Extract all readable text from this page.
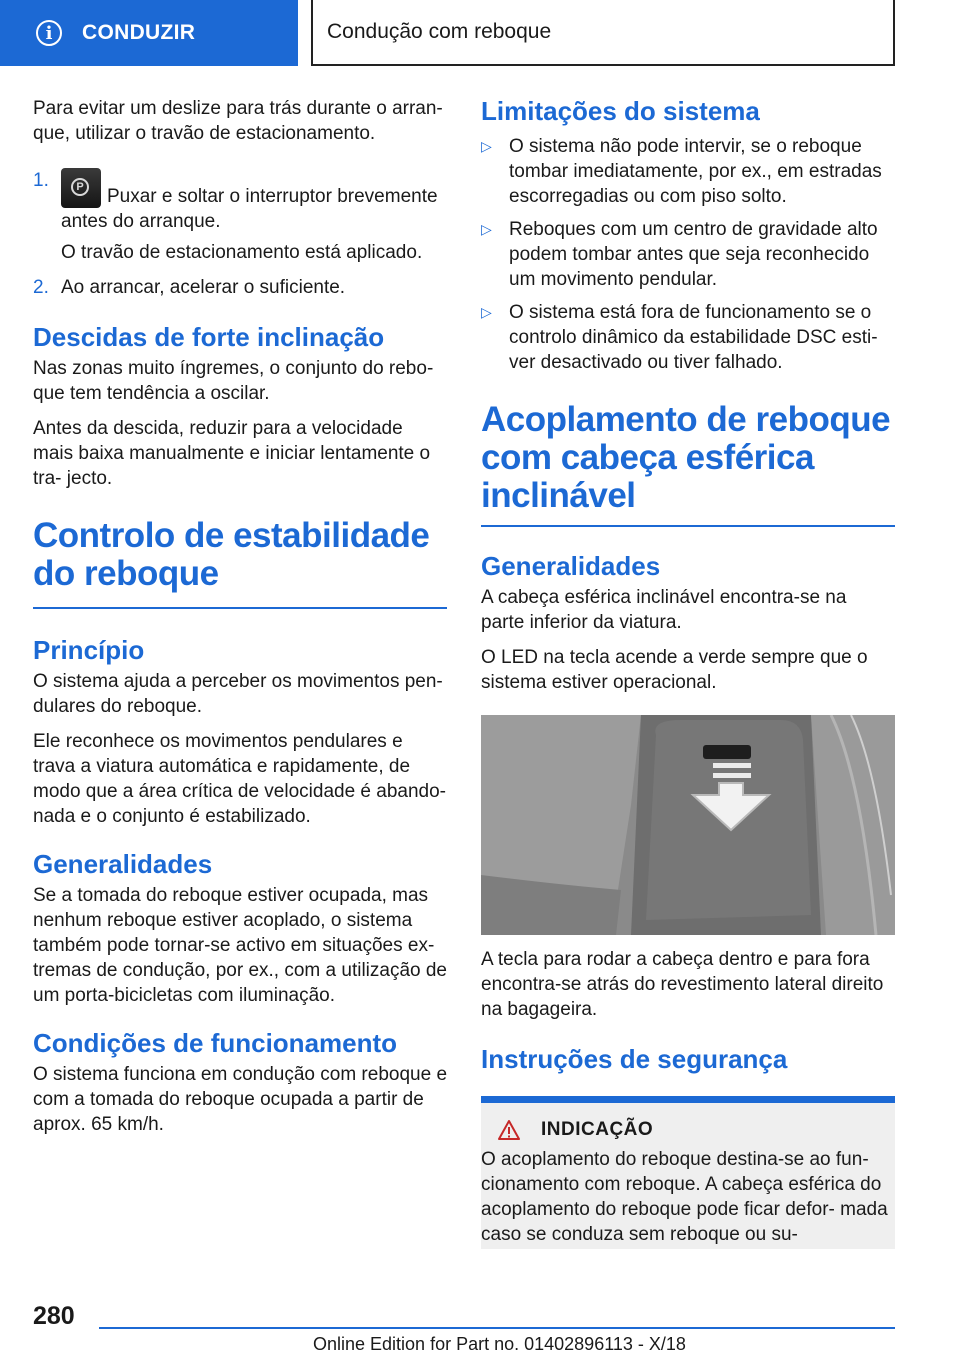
i	CONDUZIR	Condução com reboque

Para evitar um deslize para trás durante o arran- que, utilizar o travão de estacionamento.

1.	P Puxar e soltar o interruptor brevemente antes do arranque.
O travão de estacionamento está aplicado.
2. Ao arrancar, acelerar o suficiente.
Descidas de forte inclinação

Nas zonas muito íngremes, o conjunto do rebo- que tem tendência a oscilar.

Antes da descida, reduzir para a velocidade mais baixa manualmente e iniciar lentamente o tra- jecto.

Controlo de estabilidade do reboque
Princípio

O sistema ajuda a perceber os movimentos pen- dulares do reboque.

Ele reconhece os movimentos pendulares e trava a viatura automática e rapidamente, de modo que a área crítica de velocidade é abando- nada e o conjunto é estabilizado.

Generalidades

Se a tomada do reboque estiver ocupada, mas nenhum reboque estiver acoplado, o sistema também pode tornar-se activo em situações ex- tremas de condução, por ex., com a utilização de um porta-bicicletas com iluminação.

Condições de funcionamento

O sistema funciona em condução com reboque e com a tomada do reboque ocupada a partir de aprox. 65 km/h.

Limitações do sistema
▷ O sistema não pode intervir, se o reboque tombar imediatamente, por ex., em estradas escorregadias ou com piso solto.
▷ Reboques com um centro de gravidade alto podem tombar antes que seja reconhecido um movimento pendular.
▷ O sistema está fora de funcionamento se o controlo dinâmico da estabilidade DSC esti- ver desactivado ou tiver falhado.
Acoplamento de reboque com cabeça esférica inclinável
Generalidades

A cabeça esférica inclinável encontra-se na parte inferior da viatura.

O LED na tecla acende a verde sempre que o sistema estiver operacional.

A tecla para rodar a cabeça dentro e para fora encontra-se atrás do revestimento lateral direito na bagageira.

Instruções de segurança
INDICAÇÃO

O acoplamento do reboque destina-se ao fun- cionamento com reboque. A cabeça esférica do acoplamento do reboque pode ficar defor- mada caso se conduza sem reboque ou su-

280
Online Edition for Part no. 01402896113 - X/18
